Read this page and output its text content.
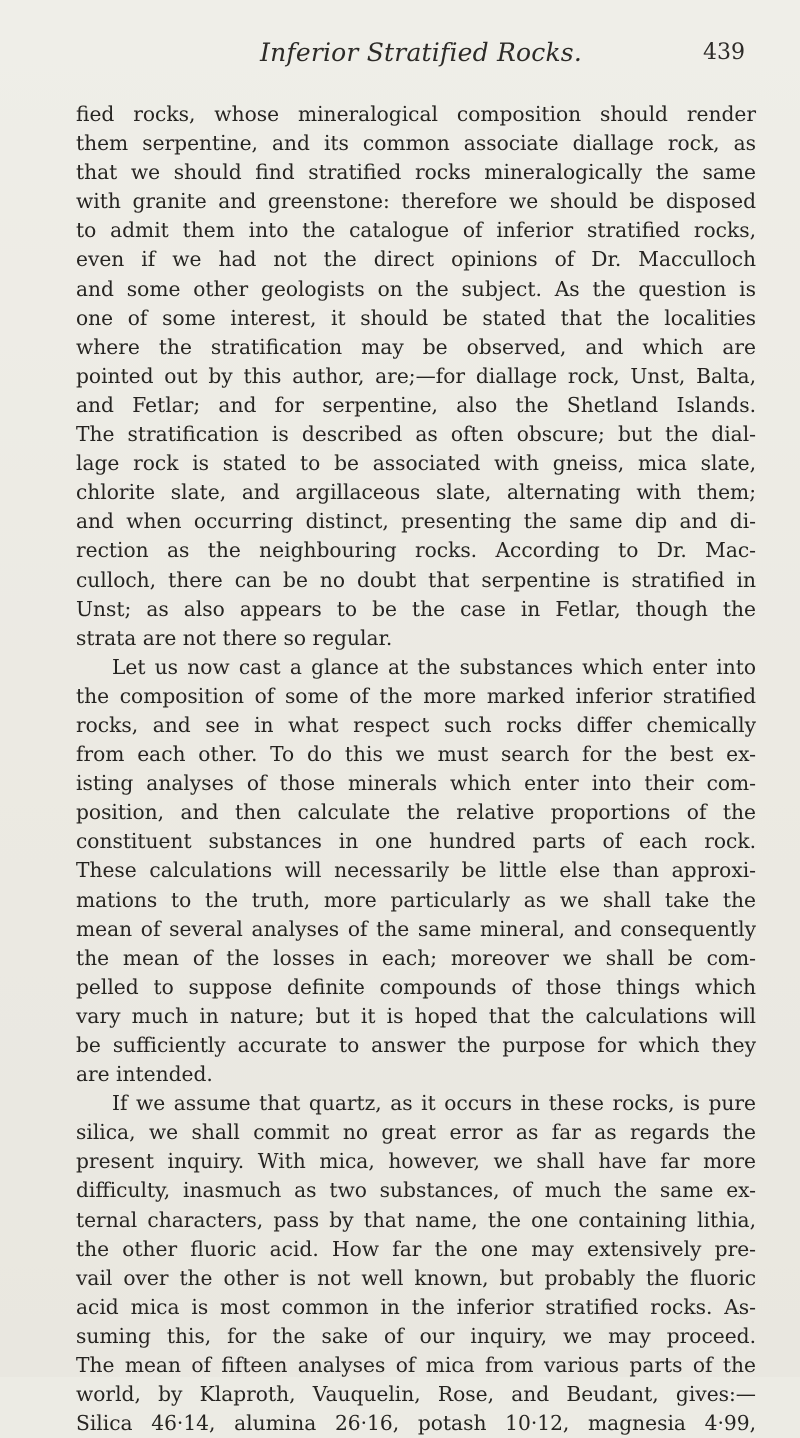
Inferior Stratified Rocks.	439
fied rocks, whose mineralogical composition should render
them serpentine, and its common associate diallage rock, as
that we should find stratified rocks mineralogically the same
with granite and greenstone: therefore we should be disposed
to admit them into the catalogue of inferior stratified rocks,
even if we had not the direct opinions of Dr. Macculloch
and some other geologists on the subject. As the question is
one of some interest, it should be stated that the localities
where the stratification may be observed, and which are
pointed out by this author, are;—for diallage rock, Unst, Balta,
and Fetlar; and for serpentine, also the Shetland Islands.
The stratification is described as often obscure; but the dial-
lage rock is stated to be associated with gneiss, mica slate,
chlorite slate, and argillaceous slate, alternating with them;
and when occurring distinct, presenting the same dip and di-
rection as the neighbouring rocks. According to Dr. Mac-
culloch, there can be no doubt that serpentine is stratified in
Unst; as also appears to be the case in Fetlar, though the
strata are not there so regular.
Let us now cast a glance at the substances which enter into
the composition of some of the more marked inferior stratified
rocks, and see in what respect such rocks differ chemically
from each other. To do this we must search for the best ex-
isting analyses of those minerals which enter into their com-
position, and then calculate the relative proportions of the
constituent substances in one hundred parts of each rock.
These calculations will necessarily be little else than approxi-
mations to the truth, more particularly as we shall take the
mean of several analyses of the same mineral, and consequently
the mean of the losses in each; moreover we shall be com-
pelled to suppose definite compounds of those things which
vary much in nature; but it is hoped that the calculations will
be sufficiently accurate to answer the purpose for which they
are intended.
If we assume that quartz, as it occurs in these rocks, is pure
silica, we shall commit no great error as far as regards the
present inquiry. With mica, however, we shall have far more
difficulty, inasmuch as two substances, of much the same ex-
ternal characters, pass by that name, the one containing lithia,
the other fluoric acid. How far the one may extensively pre-
vail over the other is not well known, but probably the fluoric
acid mica is most common in the inferior stratified rocks. As-
suming this, for the sake of our inquiry, we may proceed.
The mean of fifteen analyses of mica from various parts of the
world, by Klaproth, Vauquelin, Rose, and Beudant, gives:—
Silica 46·14, alumina 26·16, potash 10·12, magnesia 4·99,
